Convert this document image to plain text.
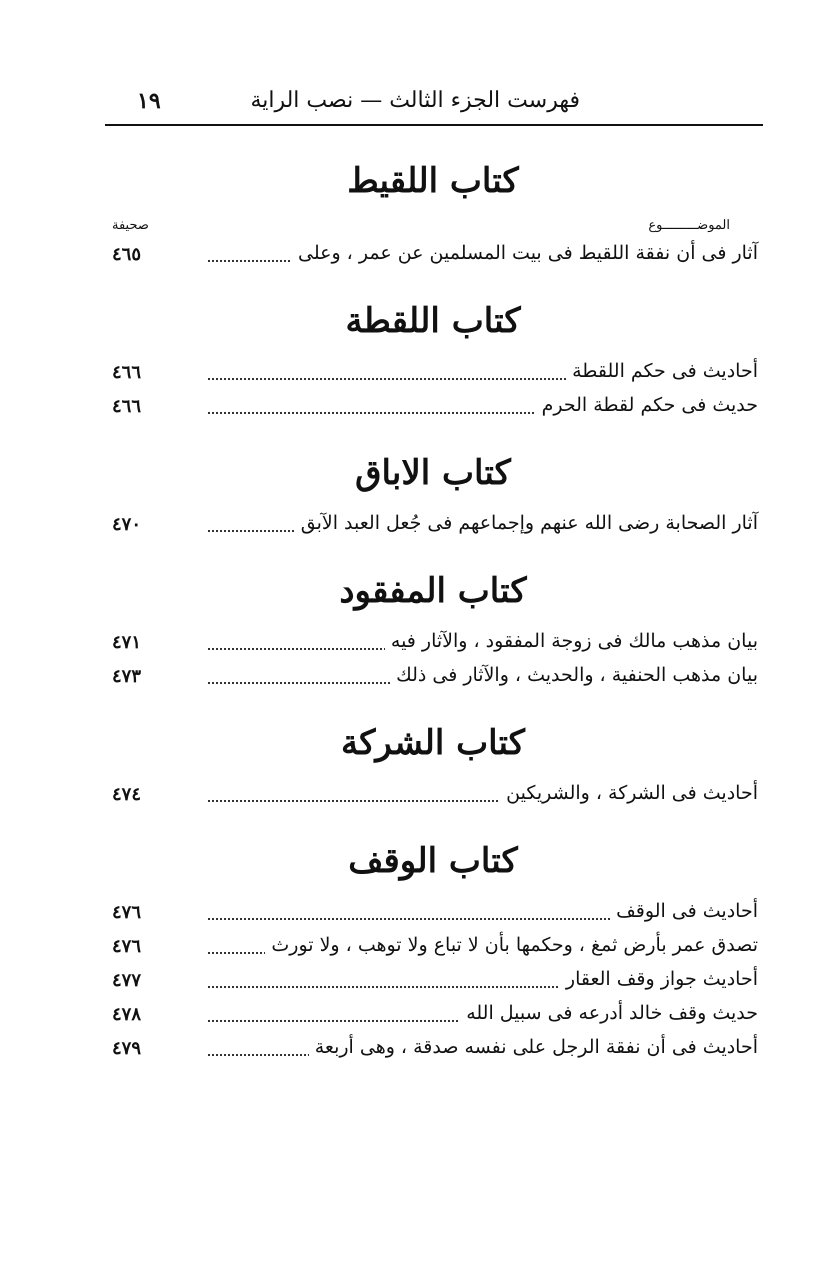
فهرست الجزء الثالث — نصب الراية
١٩
كتاب اللقيط
الموضـــــــــوع
صحيفة
آثار فى أن نفقة اللقيط فى بيت المسلمين عن عمر ، وعلى
٤٦٥
كتاب اللقطة
أحاديث فى حكم اللقطة
٤٦٦
حديث فى حكم لقطة الحرم
٤٦٦
كتاب الاباق
آثار الصحابة رضى الله عنهم وإجماعهم فى جُعل العبد الآبق
٤٧٠
كتاب المفقود
بيان مذهب مالك فى زوجة المفقود ، والآثار فيه
٤٧١
بيان مذهب الحنفية ، والحديث ، والآثار فى ذلك
٤٧٣
كتاب الشركة
أحاديث فى الشركة ، والشريكين
٤٧٤
كتاب الوقف
أحاديث فى الوقف
٤٧٦
تصدق عمر بأرض ثمغ ، وحكمها بأن لا تباع ولا توهب ، ولا تورث
٤٧٦
أحاديث جواز وقف العقار
٤٧٧
حديث وقف خالد أدرعه فى سبيل الله
٤٧٨
أحاديث فى أن نفقة الرجل على نفسه صدقة ، وهى أربعة
٤٧٩
